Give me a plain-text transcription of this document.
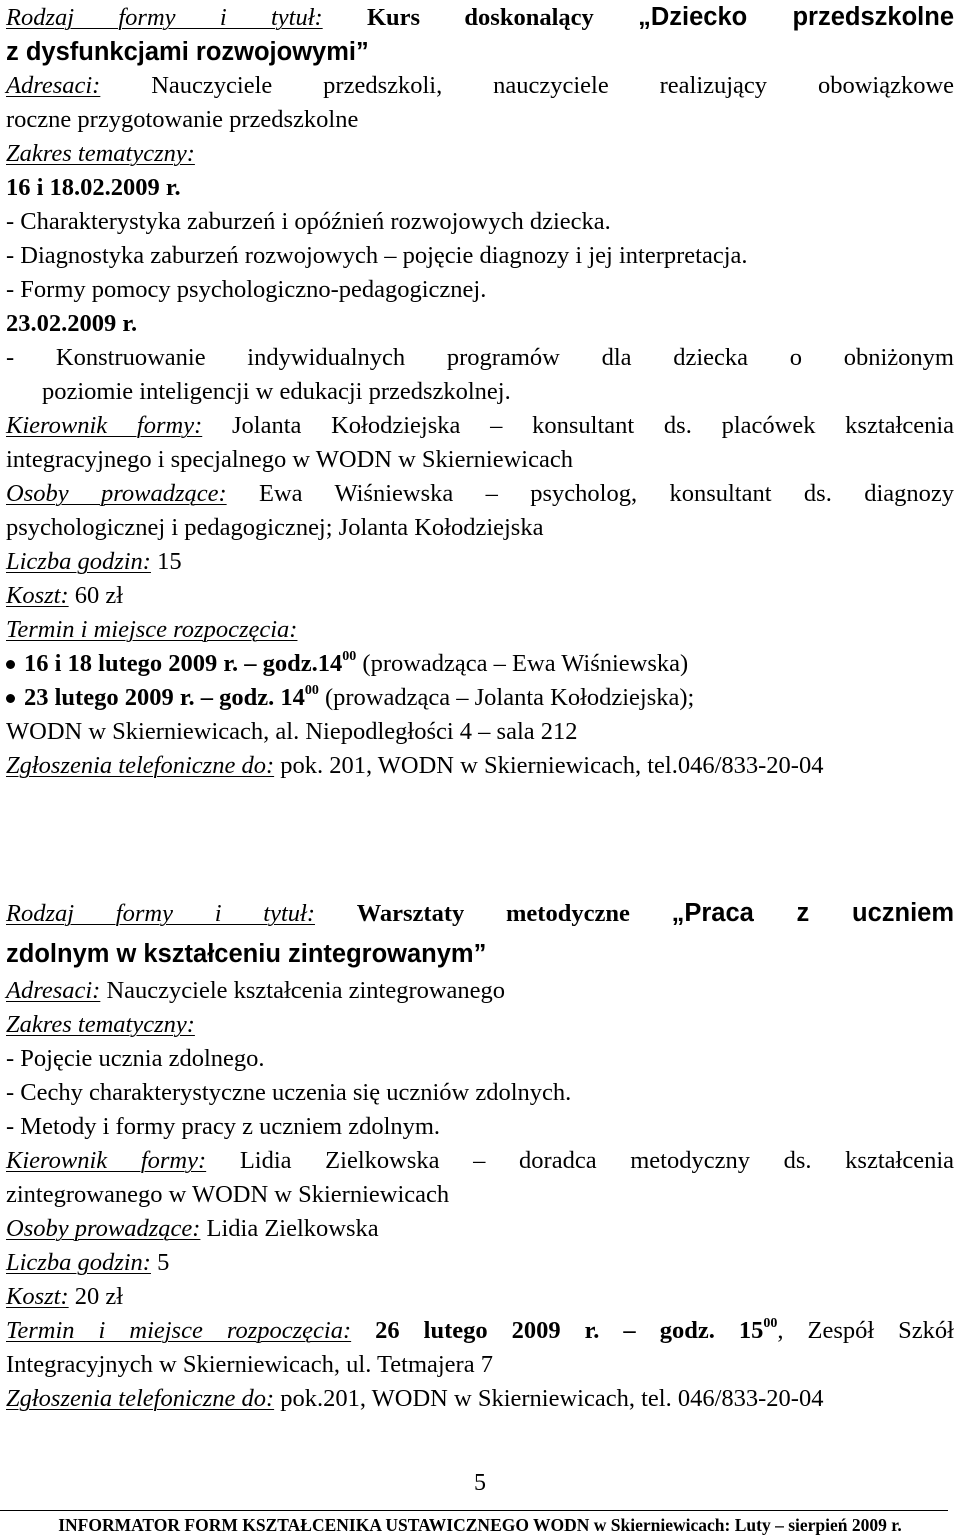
Rodzaj formy i tytuł: Kurs doskonalący „Dziecko przedszkolne
z dysfunkcjami rozwojowymi”
Adresaci: Nauczyciele przedszkoli, nauczyciele realizujący obowiązkowe
roczne przygotowanie przedszkolne
Zakres tematyczny:
16 i 18.02.2009 r.
- Charakterystyka zaburzeń i opóźnień rozwojowych dziecka.
- Diagnostyka zaburzeń rozwojowych – pojęcie diagnozy i jej interpretacja.
- Formy pomocy psychologiczno-pedagogicznej.
23.02.2009 r.
- Konstruowanie indywidualnych programów dla dziecka o obniżonym
poziomie inteligencji w edukacji przedszkolnej.
Kierownik formy: Jolanta Kołodziejska – konsultant ds. placówek kształcenia
integracyjnego i specjalnego w WODN w Skierniewicach
Osoby prowadzące: Ewa Wiśniewska – psycholog, konsultant ds. diagnozy
psychologicznej i pedagogicznej; Jolanta Kołodziejska
Liczba godzin: 15
Koszt: 60 zł
Termin i miejsce rozpoczęcia:
16 i 18 lutego 2009 r. – $godz.14^{00}$ (prowadząca – Ewa Wiśniewska)
23 lutego 2009 r. – godz. $14^{00}$ (prowadząca – Jolanta Kołodziejska);
WODN w Skierniewicach, al. Niepodległości 4 – sala 212
Zgłoszenia telefoniczne do: pok. 201, WODN w Skierniewicach, tel.046/833-20-04
Rodzaj formy i tytuł: Warsztaty metodyczne „Praca z uczniem
zdolnym w kształceniu zintegrowanym”
Adresaci: Nauczyciele kształcenia zintegrowanego
Zakres tematyczny:
- Pojęcie ucznia zdolnego.
- Cechy charakterystyczne uczenia się uczniów zdolnych.
- Metody i formy pracy z uczniem zdolnym.
Kierownik formy: Lidia Zielkowska – doradca metodyczny ds. kształcenia
zintegrowanego w WODN w Skierniewicach
Osoby prowadzące: Lidia Zielkowska
Liczba godzin: 5
Koszt: 20 zł
Termin i miejsce rozpoczęcia: 26 lutego 2009 r. – godz. $15^{00}$, Zespół Szkół
Integracyjnych w Skierniewicach, ul. Tetmajera 7
Zgłoszenia telefoniczne do: pok.201, WODN w Skierniewicach, tel. 046/833-20-04
5
INFORMATOR FORM KSZTAŁCENIKA USTAWICZNEGO WODN w Skierniewicach: Luty – sierpień 2009 r.
